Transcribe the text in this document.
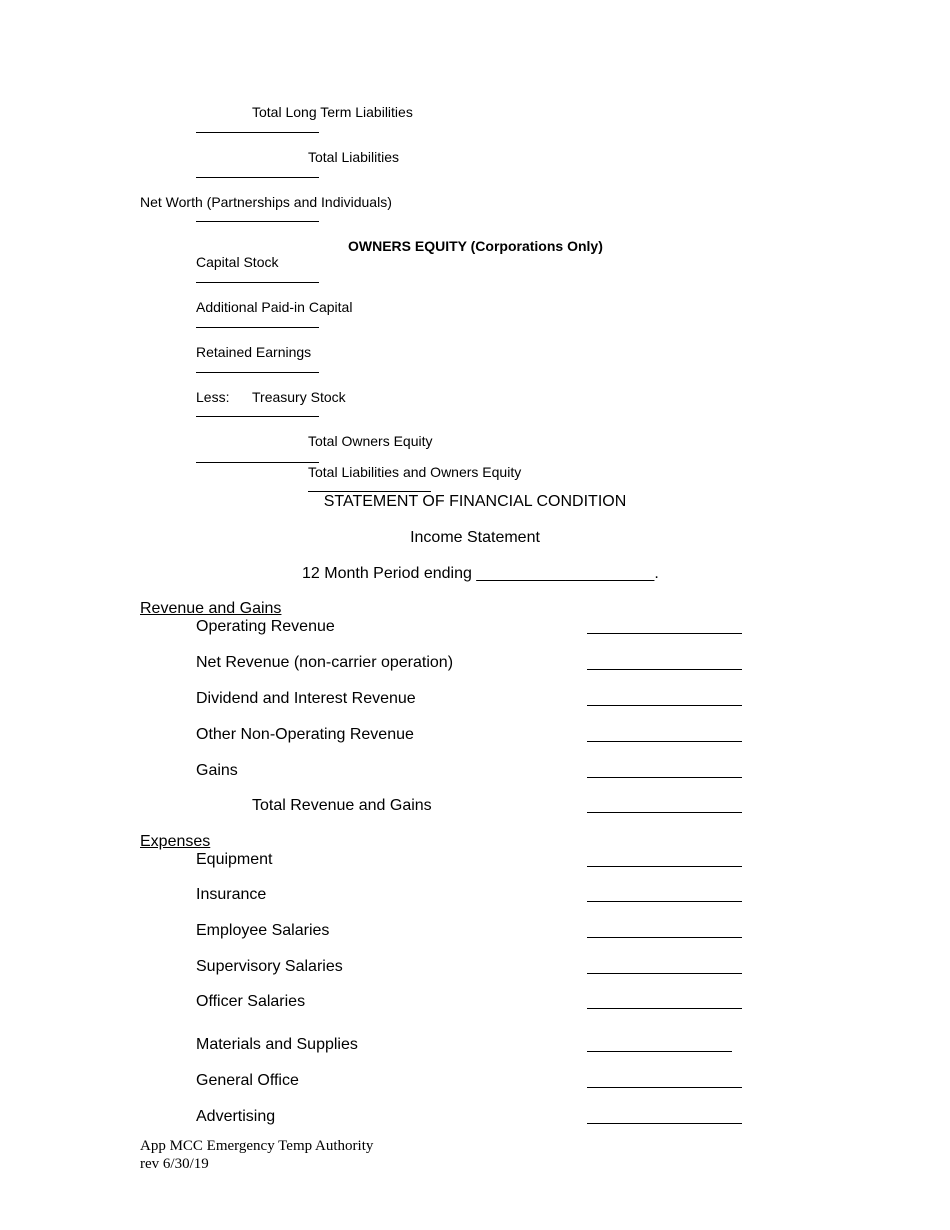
Total Long Term Liabilities
Total Liabilities
Net Worth (Partnerships and Individuals)
OWNERS EQUITY (Corporations Only)
Capital Stock
Additional Paid-in Capital
Retained Earnings
Less: Treasury Stock
Total Owners Equity
Total Liabilities and Owners Equity
STATEMENT OF FINANCIAL CONDITION
Income Statement
12 Month Period ending ____________________.
Revenue and Gains
Operating Revenue
Net Revenue (non-carrier operation)
Dividend and Interest Revenue
Other Non-Operating Revenue
Gains
Total Revenue and Gains
Expenses
Equipment
Insurance
Employee Salaries
Supervisory Salaries
Officer Salaries
Materials and Supplies
General Office
Advertising
App MCC Emergency Temp Authority
rev 6/30/19
